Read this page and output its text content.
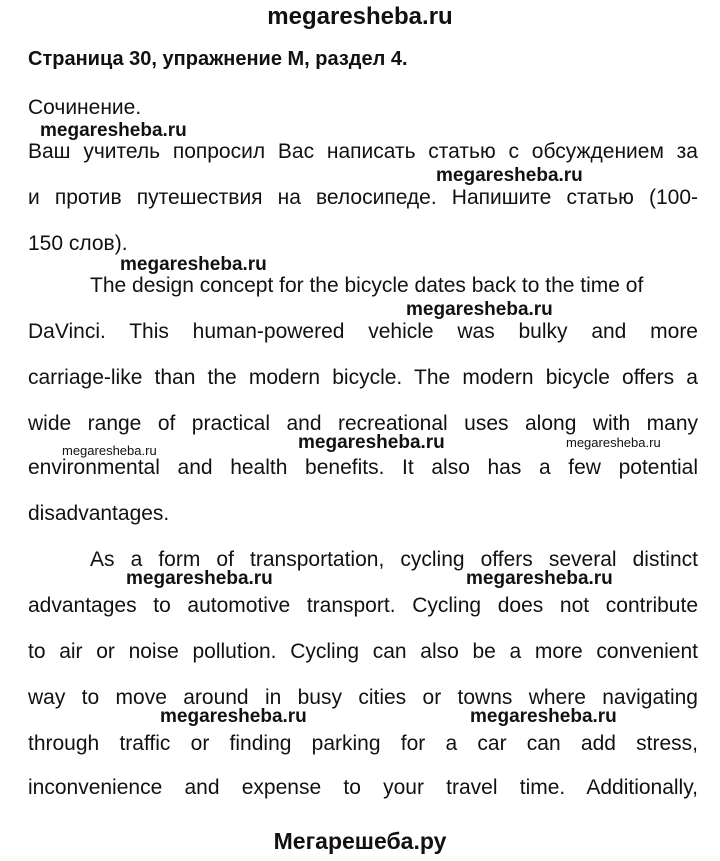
megaresheba.ru
Страница 30, упражнение M, раздел 4.
Сочинение.
Ваш учитель попросил Вас написать статью с обсуждением за
и против путешествия на велосипеде. Напишите статью (100-
150 слов).
The design concept for the bicycle dates back to the time of
DaVinci. This human-powered vehicle was bulky and more
carriage-like than the modern bicycle. The modern bicycle offers a
wide range of practical and recreational uses along with many
environmental and health benefits. It also has a few potential
disadvantages.
As a form of transportation, cycling offers several distinct
advantages to automotive transport. Cycling does not contribute
to air or noise pollution. Cycling can also be a more convenient
way to move around in busy cities or towns where navigating
through traffic or finding parking for a car can add stress,
inconvenience and expense to your travel time. Additionally,
megaresheba.ru
megaresheba.ru
megaresheba.ru
megaresheba.ru
megaresheba.ru	megaresheba.ru	megaresheba.ru
megaresheba.ru	megaresheba.ru
megaresheba.ru	megaresheba.ru
Мегарешеба.ру
